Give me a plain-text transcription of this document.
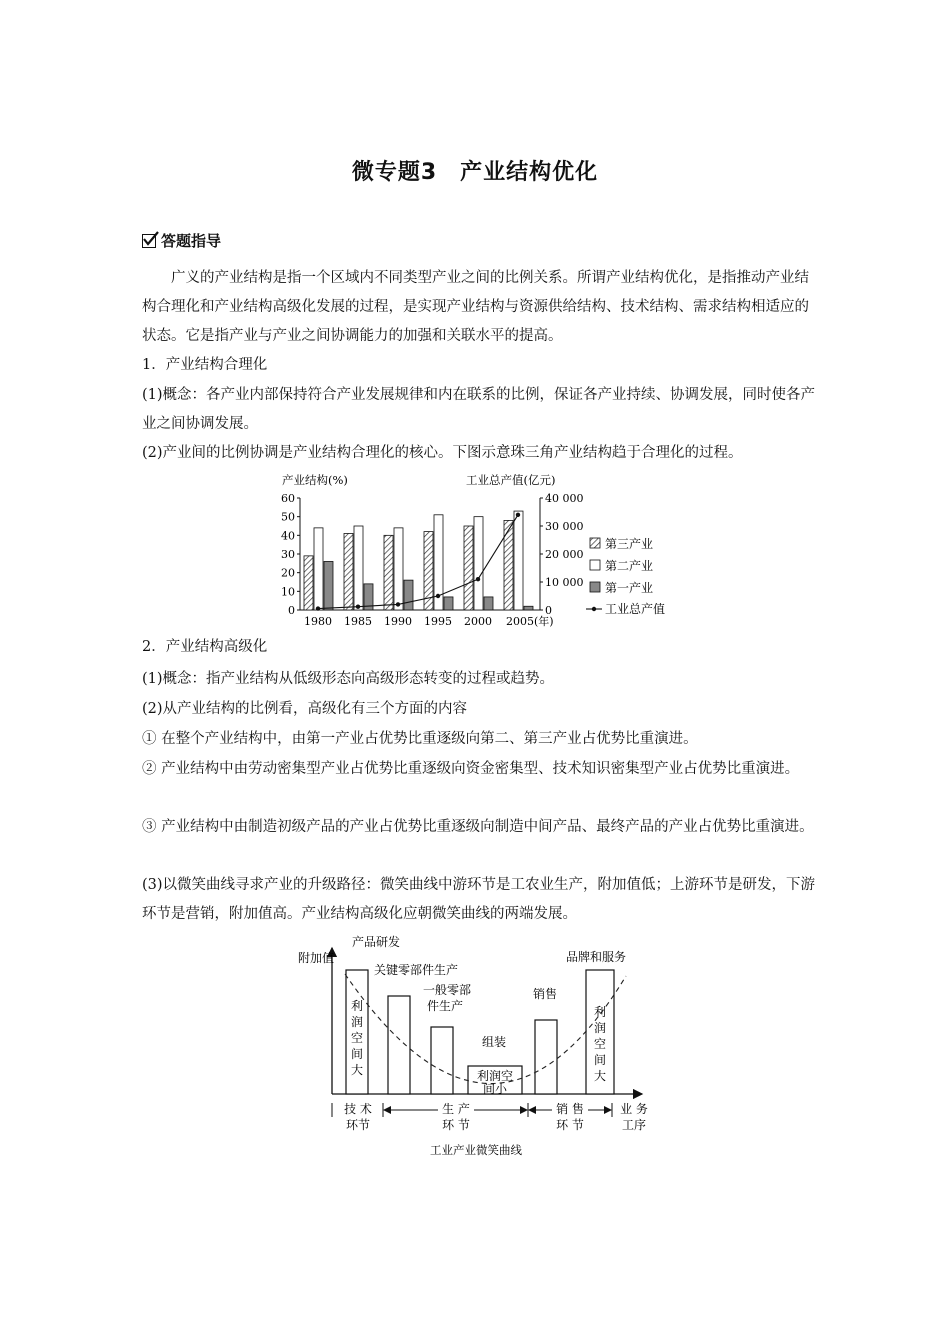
微专题3　产业结构优化
答题指导

广义的产业结构是指一个区域内不同类型产业之间的比例关系。所谓产业结构优化，是指推动产业结构合理化和产业结构高级化发展的过程，是实现产业结构与资源供给结构、技术结构、需求结构相适应的状态。它是指产业与产业之间协调能力的加强和关联水平的提高。

1．产业结构合理化

(1)概念：各产业内部保持符合产业发展规律和内在联系的比例，保证各产业持续、协调发展，同时使各产业之间协调发展。

(2)产业间的比例协调是产业结构合理化的核心。下图示意珠三角产业结构趋于合理化的过程。

产业结构(%)	工业总产值(亿元)
0
10
20
30
40
50
60
0
10 000
20 000
30 000
40 000
1980 1985 1990 1995 2000 2005(年)
第三产业
第二产业
第一产业
工业总产值

2．产业结构高级化

(1)概念：指产业结构从低级形态向高级形态转变的过程或趋势。

(2)从产业结构的比例看，高级化有三个方面的内容

① 在整个产业结构中，由第一产业占优势比重逐级向第二、第三产业占优势比重演进。

② 产业结构中由劳动密集型产业占优势比重逐级向资金密集型、技术知识密集型产业占优势比重演进。

③ 产业结构中由制造初级产品的产业占优势比重逐级向制造中间产品、最终产品的产业占优势比重演进。

(3)以微笑曲线寻求产业的升级路径：微笑曲线中游环节是工农业生产，附加值低；上游环节是研发，下游环节是营销，附加值高。产业结构高级化应朝微笑曲线的两端发展。

附加值
产品研发
关键零部件生产
一般零部
件生产
组装
销售
品牌和服务
利
润
空
间
大
利
润
空
间
大
利润空
间小
技 术
环节
生 产
环 节
销 售
环 节
业 务
工序
工业产业微笑曲线
